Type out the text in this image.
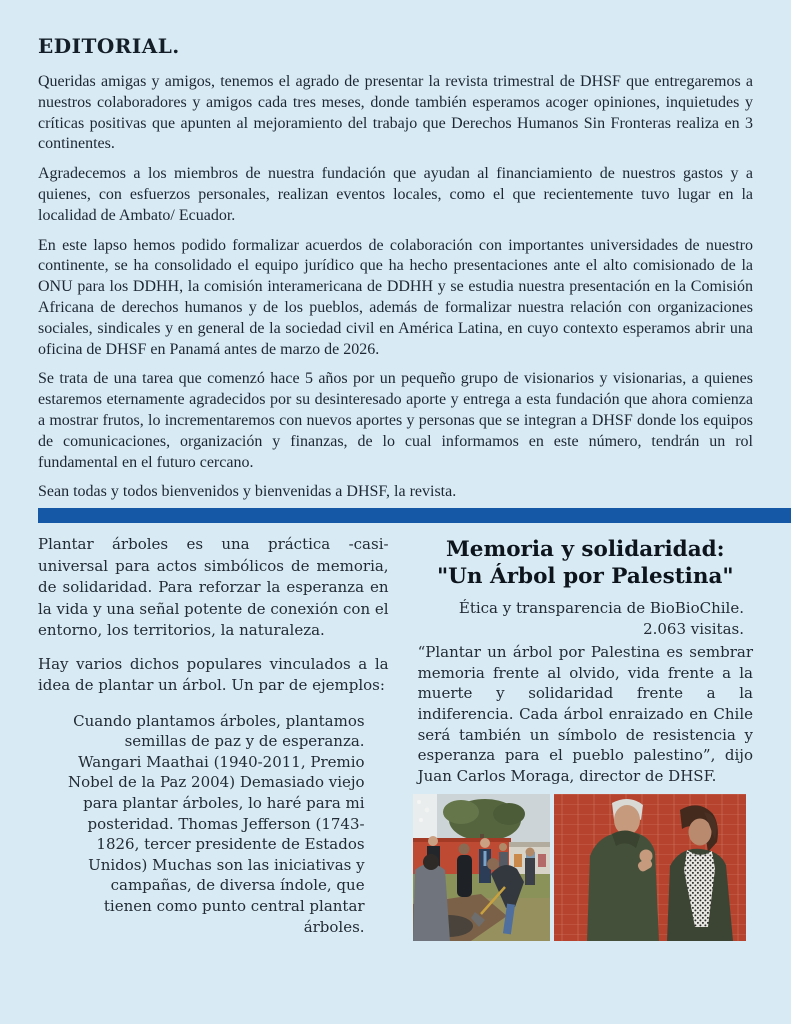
EDITORIAL.

Queridas amigas y amigos, tenemos el agrado de presentar la revista trimestral de DHSF que entregaremos a nuestros colaboradores y amigos cada tres meses, donde también esperamos acoger opiniones, inquietudes y críticas positivas que apunten al mejoramiento del trabajo que Derechos Humanos Sin Fronteras realiza en 3 continentes.

Agradecemos a los miembros de nuestra fundación que ayudan al financiamiento de nuestros gastos y a quienes, con esfuerzos personales, realizan eventos locales, como el que recientemente tuvo lugar en la localidad de Ambato/ Ecuador.

En este lapso hemos podido formalizar acuerdos de colaboración con importantes universidades de nuestro continente, se ha consolidado el equipo jurídico que ha hecho presentaciones ante el alto comisionado de la ONU para los DDHH, la comisión interamericana de DDHH y se estudia nuestra presentación en la Comisión Africana de derechos humanos y de los pueblos, además de formalizar nuestra relación con organizaciones sociales, sindicales y en general de la sociedad civil en América Latina, en cuyo contexto esperamos abrir una oficina de DHSF en Panamá antes de marzo de 2026.

Se trata de una tarea que comenzó hace 5 años por un pequeño grupo de visionarios y visionarias, a quienes estaremos eternamente agradecidos por su desinteresado aporte y entrega a esta fundación que ahora comienza a mostrar frutos, lo incrementaremos con nuevos aportes y personas que se integran a DHSF donde los equipos de comunicaciones, organización y finanzas, de lo cual informamos en este número, tendrán un rol fundamental en el futuro cercano.

Sean todas y todos bienvenidos y bienvenidas a DHSF, la revista.

Plantar árboles es una práctica -casi- universal para actos simbólicos de memoria, de solidaridad. Para reforzar la esperanza en la vida y una señal potente de conexión con el entorno, los territorios, la naturaleza.

Hay varios dichos populares vinculados a la idea de plantar un árbol. Un par de ejemplos:

Cuando plantamos árboles, plantamos semillas de paz y de esperanza. Wangari Maathai (1940-2011, Premio Nobel de la Paz 2004) Demasiado viejo para plantar árboles, lo haré para mi posteridad. Thomas Jefferson (1743-1826, tercer presidente de Estados Unidos) Muchas son las iniciativas y campañas, de diversa índole, que tienen como punto central plantar árboles.
Memoria y solidaridad:
"Un Árbol por Palestina"
Ética y transparencia de BioBioChile.
2.063 visitas.
“Plantar un árbol por Palestina es sembrar memoria frente al olvido, vida frente a la muerte y solidaridad frente a la indiferencia. Cada árbol enraizado en Chile será también un símbolo de resistencia y esperanza para el pueblo palestino”, dijo Juan Carlos Moraga, director de DHSF.
